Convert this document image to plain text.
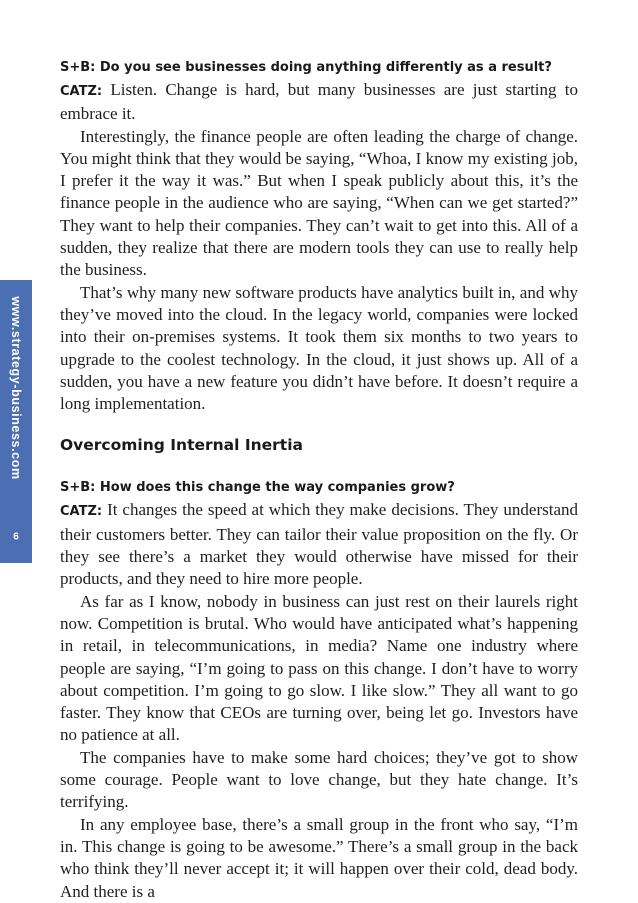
www.strategy-business.com
6

S+B: Do you see businesses doing anything differently as a result?

CATZ: Listen. Change is hard, but many businesses are just starting to embrace it.

Interestingly, the finance people are often leading the charge of change. You might think that they would be saying, “Whoa, I know my existing job, I prefer it the way it was.” But when I speak publicly about this, it’s the finance people in the audience who are saying, “When can we get started?” They want to help their companies. They can’t wait to get into this. All of a sudden, they realize that there are modern tools they can use to really help the business.

That’s why many new software products have analytics built in, and why they’ve moved into the cloud. In the legacy world, companies were locked into their on-premises systems. It took them six months to two years to upgrade to the coolest technology. In the cloud, it just shows up. All of a sudden, you have a new feature you didn’t have before. It doesn’t require a long implementation.

Overcoming Internal Inertia

S+B: How does this change the way companies grow?

CATZ: It changes the speed at which they make decisions. They understand their customers better. They can tailor their value proposition on the fly. Or they see there’s a market they would otherwise have missed for their products, and they need to hire more people.

As far as I know, nobody in business can just rest on their laurels right now. Competition is brutal. Who would have anticipated what’s happening in retail, in telecommunications, in media? Name one industry where people are saying, “I’m going to pass on this change. I don’t have to worry about competition. I’m going to go slow. I like slow.” They all want to go faster. They know that CEOs are turning over, being let go. Investors have no patience at all.

The companies have to make some hard choices; they’ve got to show some courage. People want to love change, but they hate change. It’s terrifying.

In any employee base, there’s a small group in the front who say, “I’m in. This change is going to be awesome.” There’s a small group in the back who think they’ll never accept it; it will happen over their cold, dead body. And there is a
